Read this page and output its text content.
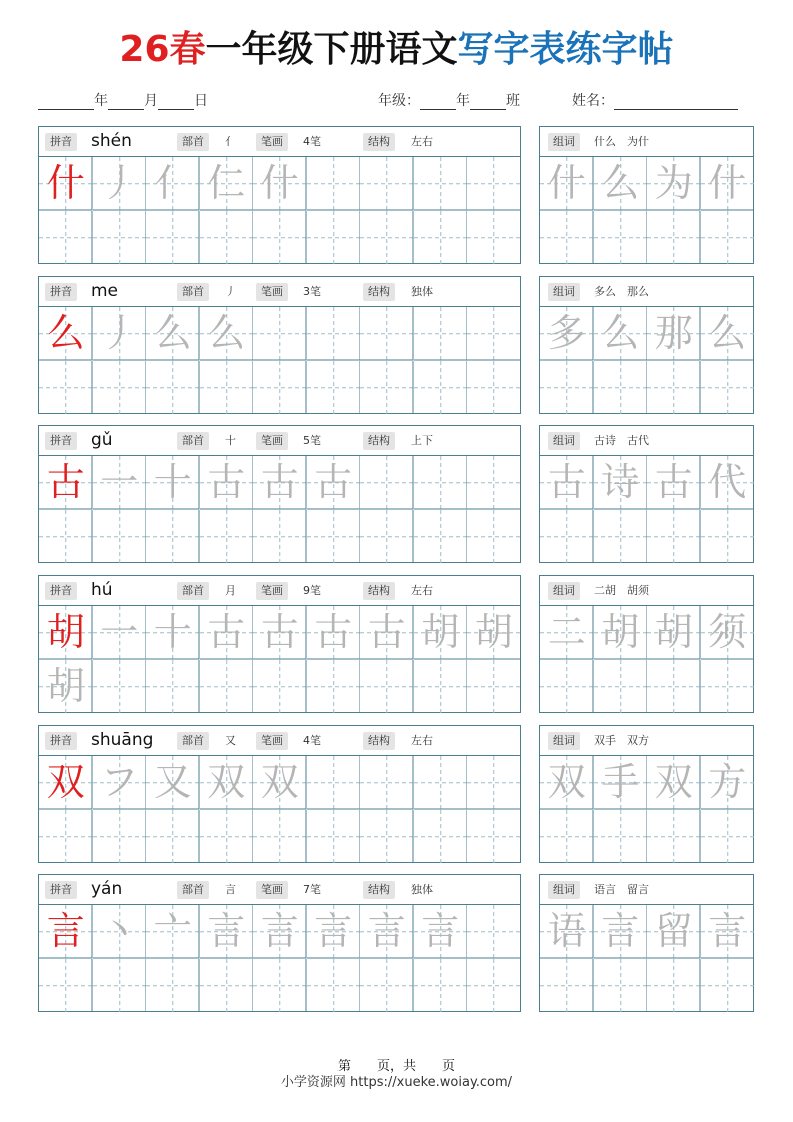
26春一年级下册语文写字表练字帖
年	月	日	年级：	年	班	姓名：
拼音 shén	部首	亻	笔画	4笔	结构	左右
什 丿 亻 仁 什
组词	什么　为什
什 么 为 什
拼音 me	部首	丿	笔画	3笔	结构	独体
么 丿 么 么
组词	多么　那么
多 么 那 么
拼音 gǔ	部首	十	笔画	5笔	结构	上下
古 一 十 古 古 古
组词	古诗　古代
古 诗 古 代
拼音 hú	部首	月	笔画	9笔	结构	左右
胡 一 十 古 古 古 古 胡 胡
胡
组词	二胡　胡须
二 胡 胡 须
拼音 shuāng	部首	又	笔画	4笔	结构	左右
双 フ 又 双 双
组词	双手　双方
双 手 双 方
拼音 yán	部首	言	笔画	7笔	结构	独体
言 丶 亠 言 言 言 言 言
组词	语言　留言
语 言 留 言
第　　页，共　　页
小学资源网 https://xueke.woiay.com/
